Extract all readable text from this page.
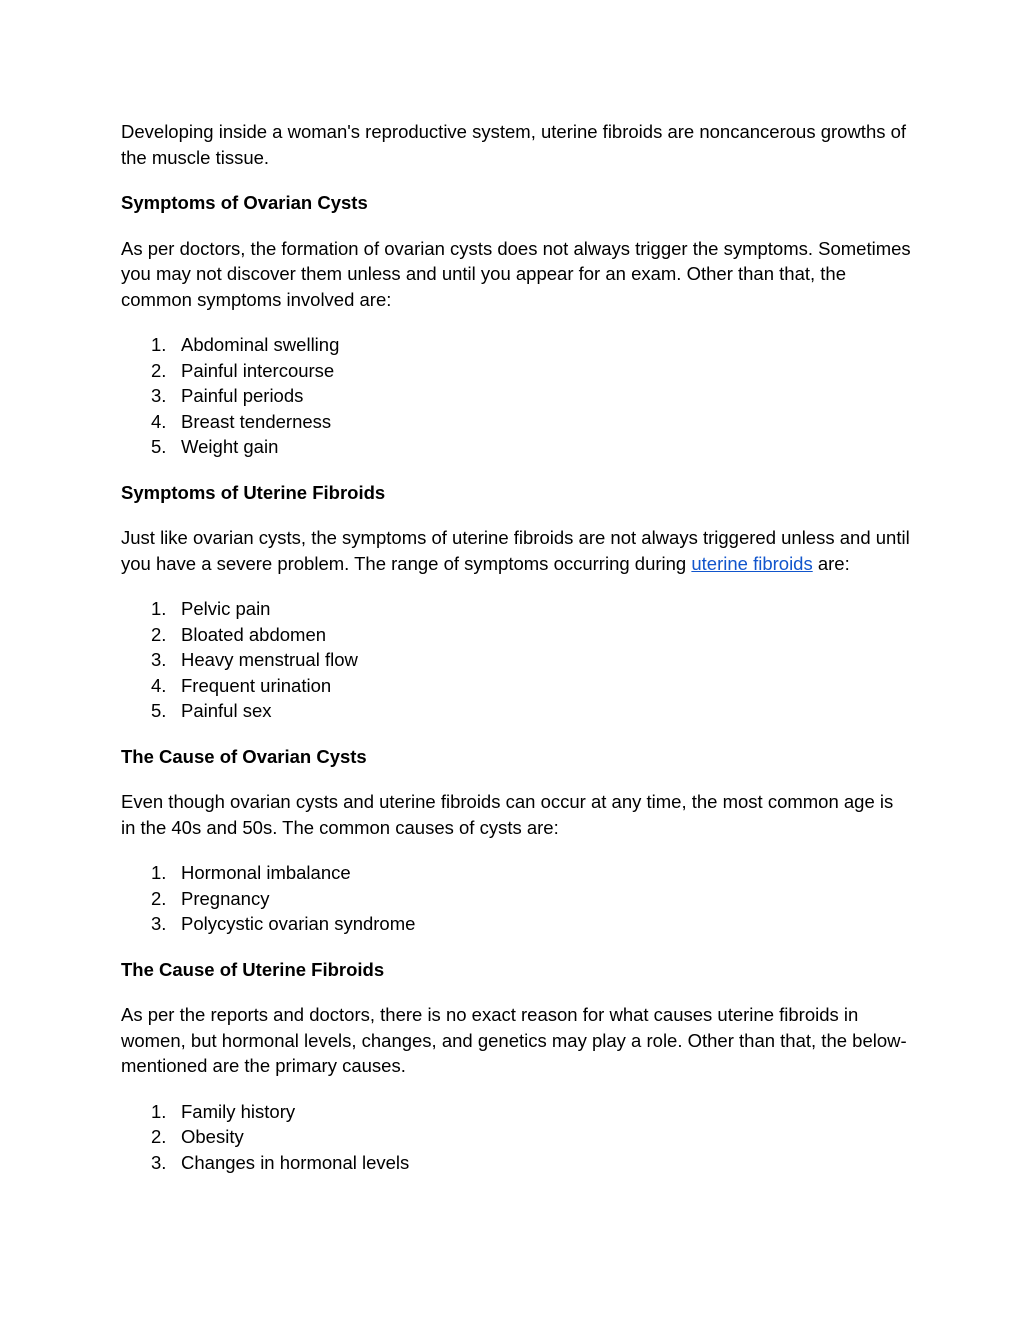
Developing inside a woman's reproductive system, uterine fibroids are noncancerous growths of the muscle tissue.

Symptoms of Ovarian Cysts

As per doctors, the formation of ovarian cysts does not always trigger the symptoms. Sometimes you may not discover them unless and until you appear for an exam. Other than that, the common symptoms involved are:

1. Abdominal swelling
2. Painful intercourse
3. Painful periods
4. Breast tenderness
5. Weight gain

Symptoms of Uterine Fibroids

Just like ovarian cysts, the symptoms of uterine fibroids are not always triggered unless and until you have a severe problem. The range of symptoms occurring during uterine fibroids are:

1. Pelvic pain
2. Bloated abdomen
3. Heavy menstrual flow
4. Frequent urination
5. Painful sex

The Cause of Ovarian Cysts

Even though ovarian cysts and uterine fibroids can occur at any time, the most common age is in the 40s and 50s. The common causes of cysts are:

1. Hormonal imbalance
2. Pregnancy
3. Polycystic ovarian syndrome

The Cause of Uterine Fibroids

As per the reports and doctors, there is no exact reason for what causes uterine fibroids in women, but hormonal levels, changes, and genetics may play a role. Other than that, the below-mentioned are the primary causes.

1. Family history
2. Obesity
3. Changes in hormonal levels
